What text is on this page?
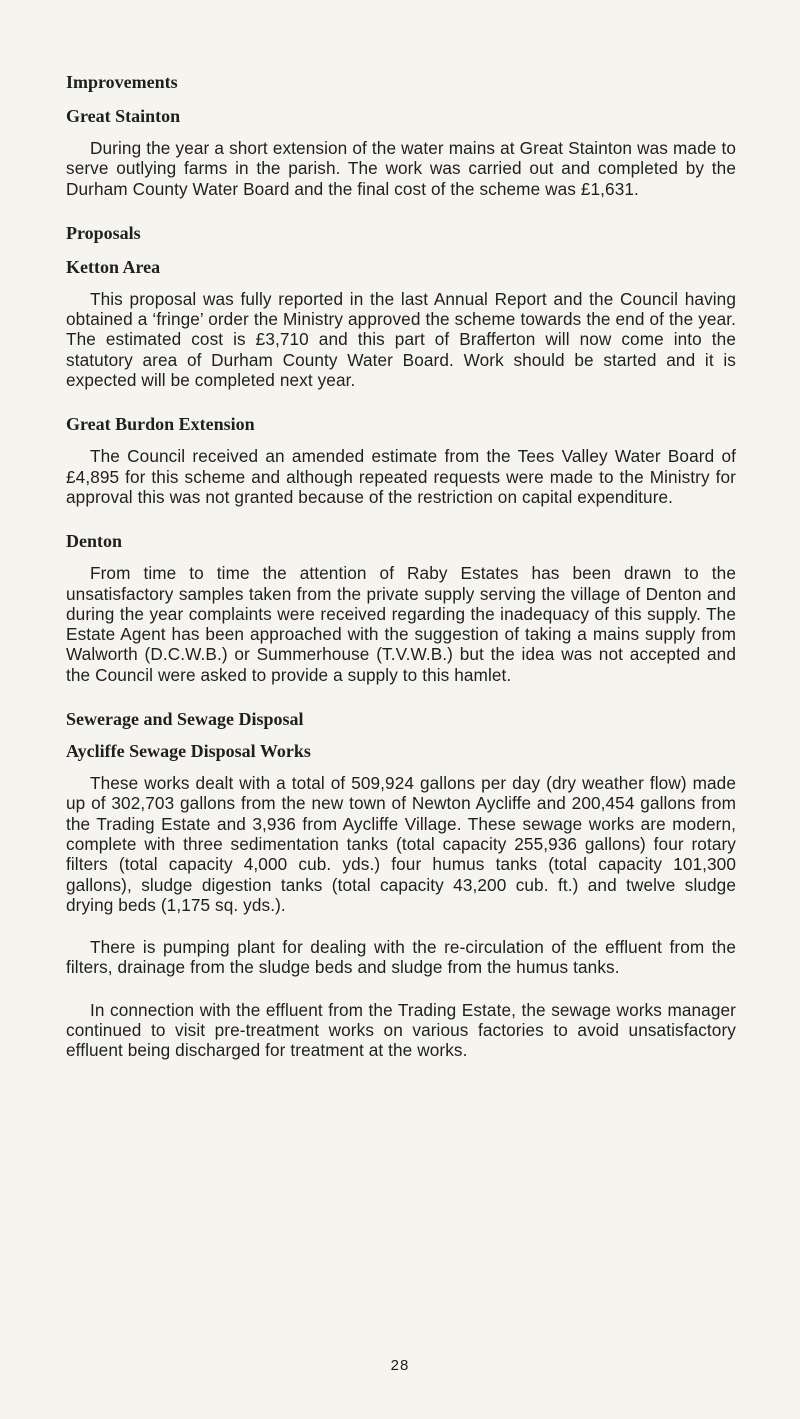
Improvements
Great Stainton

During the year a short extension of the water mains at Great Stainton was made to serve outlying farms in the parish. The work was carried out and completed by the Durham County Water Board and the final cost of the scheme was £1,631.

Proposals
Ketton Area

This proposal was fully reported in the last Annual Report and the Council having obtained a ‘fringe’ order the Ministry approved the scheme towards the end of the year. The estimated cost is £3,710 and this part of Brafferton will now come into the statutory area of Durham County Water Board. Work should be started and it is expected will be completed next year.

Great Burdon Extension

The Council received an amended estimate from the Tees Valley Water Board of £4,895 for this scheme and although repeated requests were made to the Ministry for approval this was not granted because of the restriction on capital expenditure.

Denton

From time to time the attention of Raby Estates has been drawn to the unsatisfactory samples taken from the private supply serving the village of Denton and during the year complaints were received regarding the inadequacy of this supply. The Estate Agent has been approached with the suggestion of taking a mains supply from Walworth (D.C.W.B.) or Summerhouse (T.V.W.B.) but the idea was not accepted and the Council were asked to provide a supply to this hamlet.

Sewerage and Sewage Disposal
Aycliffe Sewage Disposal Works

These works dealt with a total of 509,924 gallons per day (dry weather flow) made up of 302,703 gallons from the new town of Newton Aycliffe and 200,454 gallons from the Trading Estate and 3,936 from Aycliffe Village. These sewage works are modern, complete with three sedimentation tanks (total capacity 255,936 gallons) four rotary filters (total capacity 4,000 cub. yds.) four humus tanks (total capacity 101,300 gallons), sludge digestion tanks (total capacity 43,200 cub. ft.) and twelve sludge drying beds (1,175 sq. yds.).

There is pumping plant for dealing with the re-circulation of the effluent from the filters, drainage from the sludge beds and sludge from the humus tanks.

In connection with the effluent from the Trading Estate, the sewage works manager continued to visit pre-treatment works on various factories to avoid unsatisfactory effluent being discharged for treatment at the works.

28
